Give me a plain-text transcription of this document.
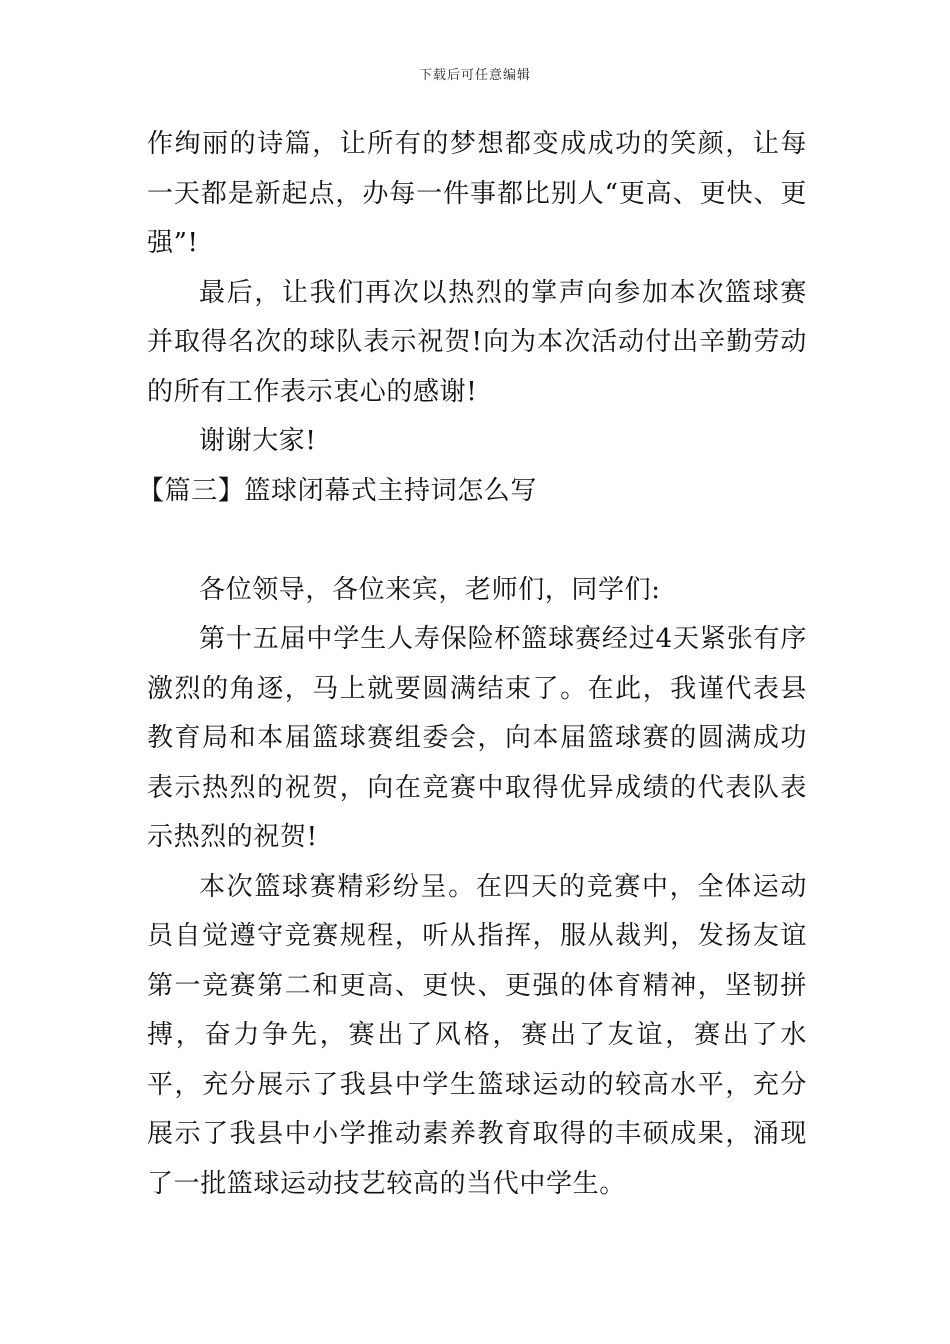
下载后可任意编辑

作绚丽的诗篇，让所有的梦想都变成成功的笑颜，让每一天都是新起点，办每一件事都比别人“更高、更快、更强”!

最后，让我们再次以热烈的掌声向参加本次篮球赛并取得名次的球队表示祝贺!向为本次活动付出辛勤劳动的所有工作表示衷心的感谢!

谢谢大家!

【篇三】篮球闭幕式主持词怎么写

各位领导，各位来宾，老师们，同学们:

第十五届中学生人寿保险杯篮球赛经过4天紧张有序激烈的角逐，马上就要圆满结束了。在此，我谨代表县教育局和本届篮球赛组委会，向本届篮球赛的圆满成功表示热烈的祝贺，向在竞赛中取得优异成绩的代表队表示热烈的祝贺!

本次篮球赛精彩纷呈。在四天的竞赛中，全体运动员自觉遵守竞赛规程，听从指挥，服从裁判，发扬友谊第一竞赛第二和更高、更快、更强的体育精神，坚韧拼搏，奋力争先，赛出了风格，赛出了友谊，赛出了水平，充分展示了我县中学生篮球运动的较高水平，充分展示了我县中小学推动素养教育取得的丰硕成果，涌现了一批篮球运动技艺较高的当代中学生。
